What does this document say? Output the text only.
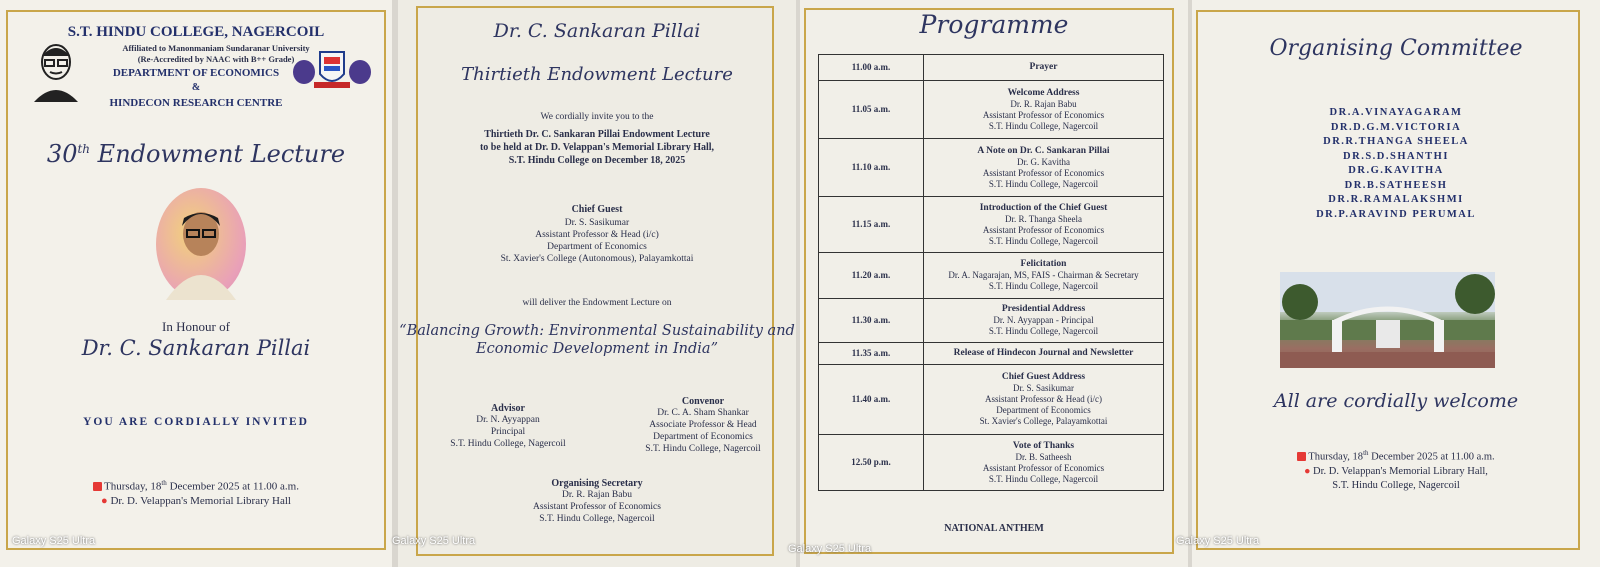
S.T. HINDU COLLEGE, NAGERCOIL
Affiliated to Manonmaniam Sundaranar University
(Re-Accredited by NAAC with B++ Grade)
DEPARTMENT OF ECONOMICS
&
HINDECON RESEARCH CENTRE
30th Endowment Lecture
In Honour of
Dr. C. Sankaran Pillai
YOU ARE CORDIALLY INVITED
Thursday, 18th December 2025 at 11.00 a.m.
● Dr. D. Velappan's Memorial Library Hall
Galaxy S25 Ultra
Dr. C. Sankaran Pillai
Thirtieth Endowment Lecture
We cordially invite you to the
Thirtieth Dr. C. Sankaran Pillai Endowment Lecture
to be held at Dr. D. Velappan's Memorial Library Hall,
S.T. Hindu College on December 18, 2025
Chief Guest
Dr. S. Sasikumar
Assistant Professor & Head (i/c)
Department of Economics
St. Xavier's College (Autonomous), Palayamkottai
will deliver the Endowment Lecture on
“Balancing Growth: Environmental Sustainability and
Economic Development in India”
Advisor
Dr. N. Ayyappan
Principal
S.T. Hindu College, Nagercoil
Convenor
Dr. C. A. Sham Shankar
Associate Professor & Head
Department of Economics
S.T. Hindu College, Nagercoil
Organising Secretary
Dr. R. Rajan Babu
Assistant Professor of Economics
S.T. Hindu College, Nagercoil
Galaxy S25 Ultra
Programme
11.00 a.m.	Prayer

11.05 a.m.	Welcome Address
Dr. R. Rajan Babu
Assistant Professor of Economics
S.T. Hindu College, Nagercoil

11.10 a.m.	A Note on Dr. C. Sankaran Pillai
Dr. G. Kavitha
Assistant Professor of Economics
S.T. Hindu College, Nagercoil

11.15 a.m.	Introduction of the Chief Guest
Dr. R. Thanga Sheela
Assistant Professor of Economics
S.T. Hindu College, Nagercoil

11.20 a.m.	Felicitation
Dr. A. Nagarajan, MS, FAIS - Chairman & Secretary
S.T. Hindu College, Nagercoil

11.30 a.m.	Presidential Address
Dr. N. Ayyappan - Principal
S.T. Hindu College, Nagercoil

11.35 a.m.	Release of Hindecon Journal and Newsletter

11.40 a.m.	Chief Guest Address
Dr. S. Sasikumar
Assistant Professor & Head (i/c)
Department of Economics
St. Xavier's College, Palayamkottai

12.50 p.m.	Vote of Thanks
Dr. B. Satheesh
Assistant Professor of Economics
S.T. Hindu College, Nagercoil
NATIONAL ANTHEM
Galaxy S25 Ultra
Organising Committee
DR.A.VINAYAGARAM
DR.D.G.M.VICTORIA
DR.R.THANGA SHEELA
DR.S.D.SHANTHI
DR.G.KAVITHA
DR.B.SATHEESH
DR.R.RAMALAKSHMI
DR.P.ARAVIND PERUMAL
All are cordially welcome
Thursday, 18th December 2025 at 11.00 a.m.
● Dr. D. Velappan's Memorial Library Hall,
S.T. Hindu College, Nagercoil
Galaxy S25 Ultra
